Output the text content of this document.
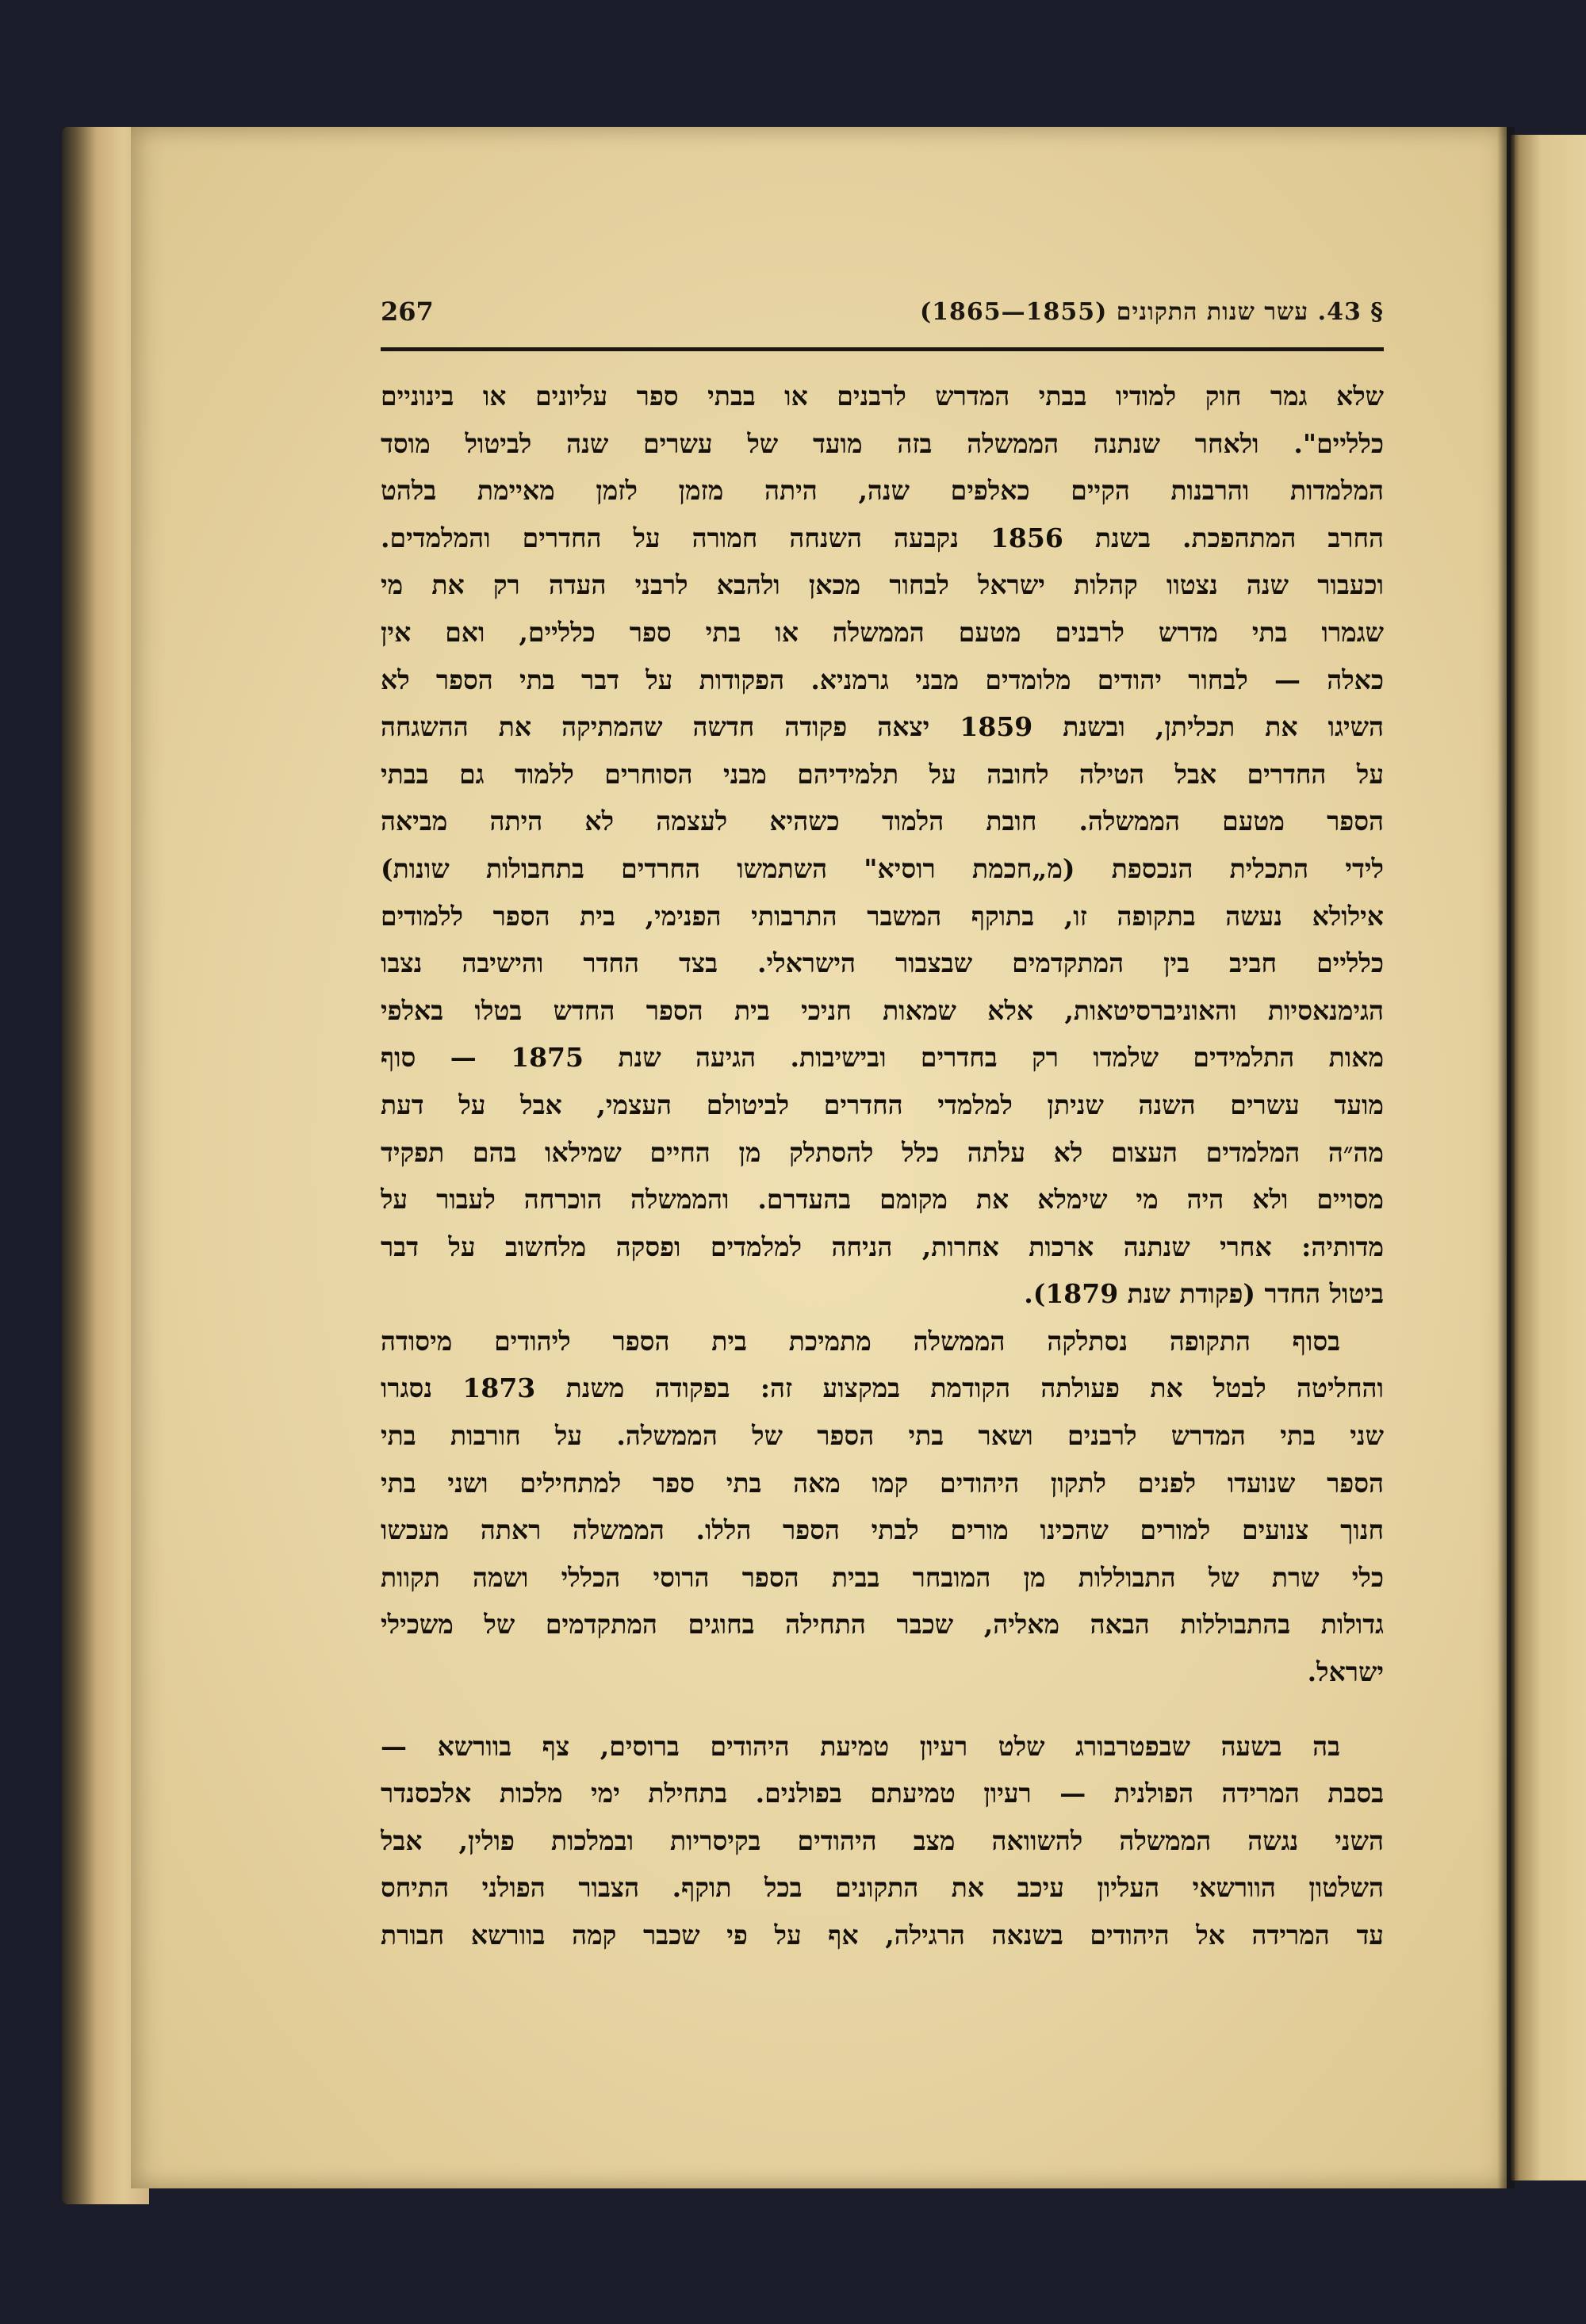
§ 43. עשר שנות התקונים (1855—1865)
267
שלא גמר חוק למודיו בבתי המדרש לרבנים או בבתי ספר עליונים או בינוניים
כלליים". ולאחר שנתנה הממשלה בזה מועד של עשרים שנה לביטול מוסד
המלמדות והרבנות הקיים כאלפים שנה, היתה מזמן לזמן מאיימת בלהט
החרב המתהפכת. בשנת 1856 נקבעה השנחה חמורה על החדרים והמלמדים.
וכעבור שנה נצטוו קהלות ישראל לבחור מכאן ולהבא לרבני העדה רק את מי
שגמרו בתי מדרש לרבנים מטעם הממשלה או בתי ספר כלליים, ואם אין
כאלה — לבחור יהודים מלומדים מבני גרמניא. הפקודות על דבר בתי הספר לא
השיגו את תכליתן, ובשנת 1859 יצאה פקודה חדשה שהמתיקה את ההשגחה
על החדרים אבל הטילה לחובה על תלמידיהם מבני הסוחרים ללמוד גם בבתי
הספר מטעם הממשלה. חובת הלמוד כשהיא לעצמה לא היתה מביאה
לידי התכלית הנכספת (מ„חכמת רוסיא" השתמשו החרדים בתחבולות שונות)
אילולא נעשה בתקופה זו, בתוקף המשבר התרבותי הפנימי, בית הספר ללמודים
כלליים חביב בין המתקדמים שבצבור הישראלי. בצד החדר והישיבה נצבו
הגימנאסיות והאוניברסיטאות, אלא שמאות חניכי בית הספר החדש בטלו באלפי
מאות התלמידים שלמדו רק בחדרים ובישיבות. הגיעה שנת 1875 — סוף
מועד עשרים השנה שניתן למלמדי החדרים לביטולם העצמי, אבל על דעת
מה״ה המלמדים העצום לא עלתה כלל להסתלק מן החיים שמילאו בהם תפקיד
מסויים ולא היה מי שימלא את מקומם בהעדרם. והממשלה הוכרחה לעבור על
מדותיה: אחרי שנתנה ארכות אחרות, הניחה למלמדים ופסקה מלחשוב על דבר
ביטול החדר (פקודת שנת 1879).
בסוף התקופה נסתלקה הממשלה מתמיכת בית הספר ליהודים מיסודה
והחליטה לבטל את פעולתה הקודמת במקצוע זה: בפקודה משנת 1873 נסגרו
שני בתי המדרש לרבנים ושאר בתי הספר של הממשלה. על חורבות בתי
הספר שנועדו לפנים לתקון היהודים קמו מאה בתי ספר למתחילים ושני בתי
חנוך צנועים למורים שהכינו מורים לבתי הספר הללו. הממשלה ראתה מעכשו
כלי שרת של התבוללות מן המובחר בבית הספר הרוסי הכללי ושמה תקוות
גדולות בהתבוללות הבאה מאליה, שכבר התחילה בחוגים המתקדמים של משכילי
ישראל.
בה בשעה שבפטרבורג שלט רעיון טמיעת היהודים ברוסים, צף בוורשא —
בסבת המרידה הפולנית — רעיון טמיעתם בפולנים. בתחילת ימי מלכות אלכסנדר
השני נגשה הממשלה להשוואה מצב היהודים בקיסריות ובמלכות פולין, אבל
השלטון הוורשאי העליון עיכב את התקונים בכל תוקף. הצבור הפולני התיחס
עד המרידה אל היהודים בשנאה הרגילה, אף על פי שכבר קמה בוורשא חבורת
